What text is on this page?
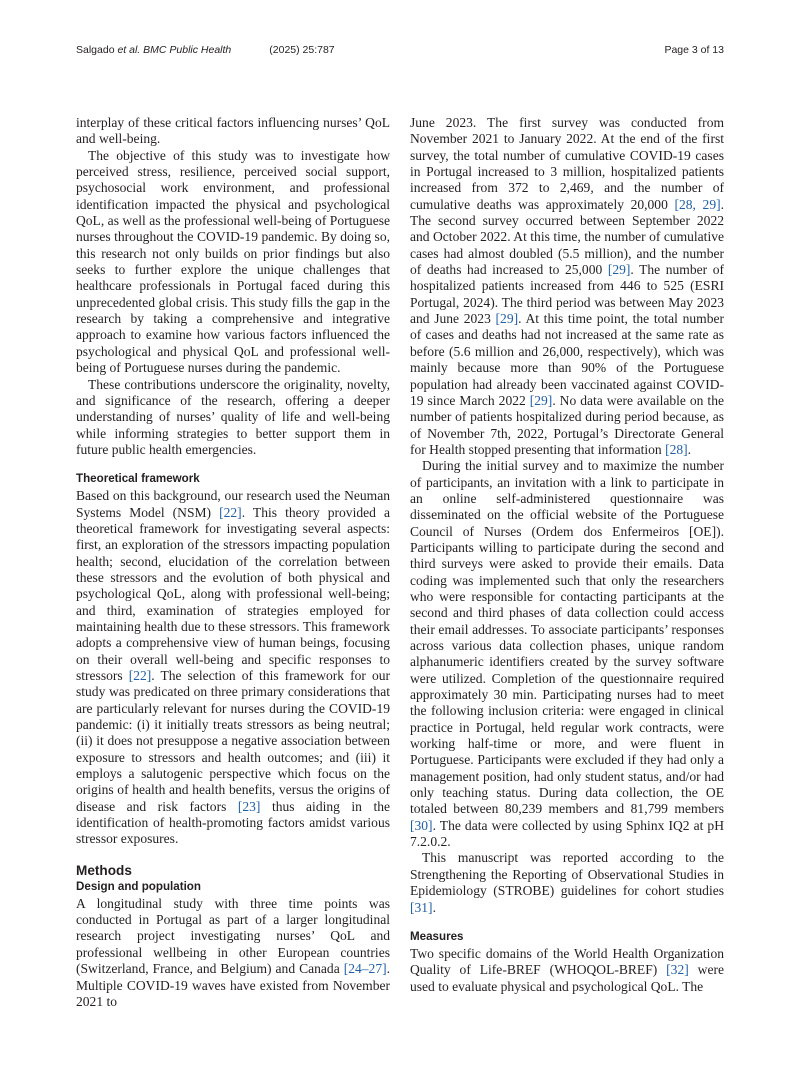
Salgado et al. BMC Public Health	(2025) 25:787	Page 3 of 13

interplay of these critical factors influencing nurses’ QoL and well-being.

The objective of this study was to investigate how perceived stress, resilience, perceived social support, psychosocial work environment, and professional identification impacted the physical and psychological QoL, as well as the professional well-being of Portuguese nurses throughout the COVID-19 pandemic. By doing so, this research not only builds on prior findings but also seeks to further explore the unique challenges that healthcare professionals in Portugal faced during this unprecedented global crisis. This study fills the gap in the research by taking a comprehensive and integrative approach to examine how various factors influenced the psychological and physical QoL and professional well-being of Portuguese nurses during the pandemic.

These contributions underscore the originality, novelty, and significance of the research, offering a deeper understanding of nurses’ quality of life and well-being while informing strategies to better support them in future public health emergencies.

Theoretical framework

Based on this background, our research used the Neuman Systems Model (NSM) [22]. This theory provided a theoretical framework for investigating several aspects: first, an exploration of the stressors impacting population health; second, elucidation of the correlation between these stressors and the evolution of both physical and psychological QoL, along with professional well-being; and third, examination of strategies employed for maintaining health due to these stressors. This framework adopts a comprehensive view of human beings, focusing on their overall well-being and specific responses to stressors [22]. The selection of this framework for our study was predicated on three primary considerations that are particularly relevant for nurses during the COVID-19 pandemic: (i) it initially treats stressors as being neutral; (ii) it does not presuppose a negative association between exposure to stressors and health outcomes; and (iii) it employs a salutogenic perspective which focus on the origins of health and health benefits, versus the origins of disease and risk factors [23] thus aiding in the identification of health-promoting factors amidst various stressor exposures.

Methods
Design and population

A longitudinal study with three time points was conducted in Portugal as part of a larger longitudinal research project investigating nurses’ QoL and professional wellbeing in other European countries (Switzerland, France, and Belgium) and Canada [24–27]. Multiple COVID-19 waves have existed from November 2021 to

June 2023. The first survey was conducted from November 2021 to January 2022. At the end of the first survey, the total number of cumulative COVID-19 cases in Portugal increased to 3 million, hospitalized patients increased from 372 to 2,469, and the number of cumulative deaths was approximately 20,000 [28, 29]. The second survey occurred between September 2022 and October 2022. At this time, the number of cumulative cases had almost doubled (5.5 million), and the number of deaths had increased to 25,000 [29]. The number of hospitalized patients increased from 446 to 525 (ESRI Portugal, 2024). The third period was between May 2023 and June 2023 [29]. At this time point, the total number of cases and deaths had not increased at the same rate as before (5.6 million and 26,000, respectively), which was mainly because more than 90% of the Portuguese population had already been vaccinated against COVID-19 since March 2022 [29]. No data were available on the number of patients hospitalized during period because, as of November 7th, 2022, Portugal’s Directorate General for Health stopped presenting that information [28].

During the initial survey and to maximize the number of participants, an invitation with a link to participate in an online self-administered questionnaire was disseminated on the official website of the Portuguese Council of Nurses (Ordem dos Enfermeiros [OE]). Participants willing to participate during the second and third surveys were asked to provide their emails. Data coding was implemented such that only the researchers who were responsible for contacting participants at the second and third phases of data collection could access their email addresses. To associate participants’ responses across various data collection phases, unique random alphanumeric identifiers created by the survey software were utilized. Completion of the questionnaire required approximately 30 min. Participating nurses had to meet the following inclusion criteria: were engaged in clinical practice in Portugal, held regular work contracts, were working half-time or more, and were fluent in Portuguese. Participants were excluded if they had only a management position, had only student status, and/or had only teaching status. During data collection, the OE totaled between 80,239 members and 81,799 members [30]. The data were collected by using Sphinx IQ2 at pH 7.2.0.2.

This manuscript was reported according to the Strengthening the Reporting of Observational Studies in Epidemiology (STROBE) guidelines for cohort studies [31].

Measures

Two specific domains of the World Health Organization Quality of Life-BREF (WHOQOL-BREF) [32] were used to evaluate physical and psychological QoL. The
